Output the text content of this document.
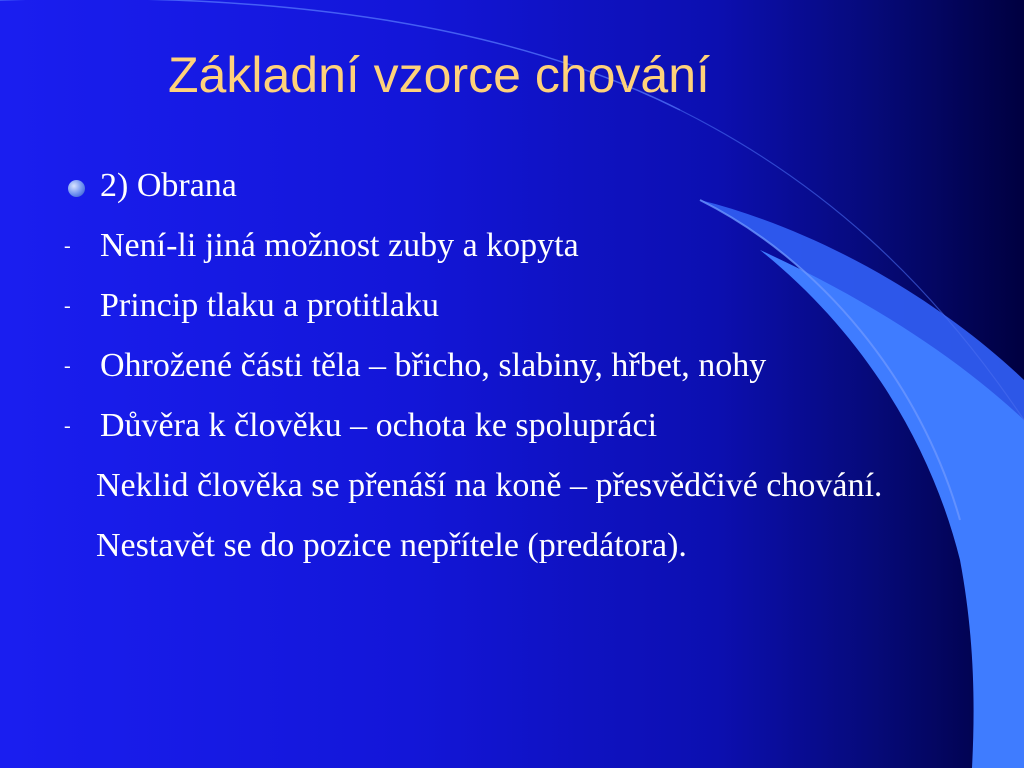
Základní vzorce chování
2) Obrana
- Není-li jiná možnost zuby a kopyta
- Princip tlaku a protitlaku
- Ohrožené části těla – břicho, slabiny, hřbet, nohy
- Důvěra k člověku – ochota ke spolupráci
Neklid člověka se přenáší na koně – přesvědčivé chování.
Nestavět se do pozice nepřítele (predátora).
